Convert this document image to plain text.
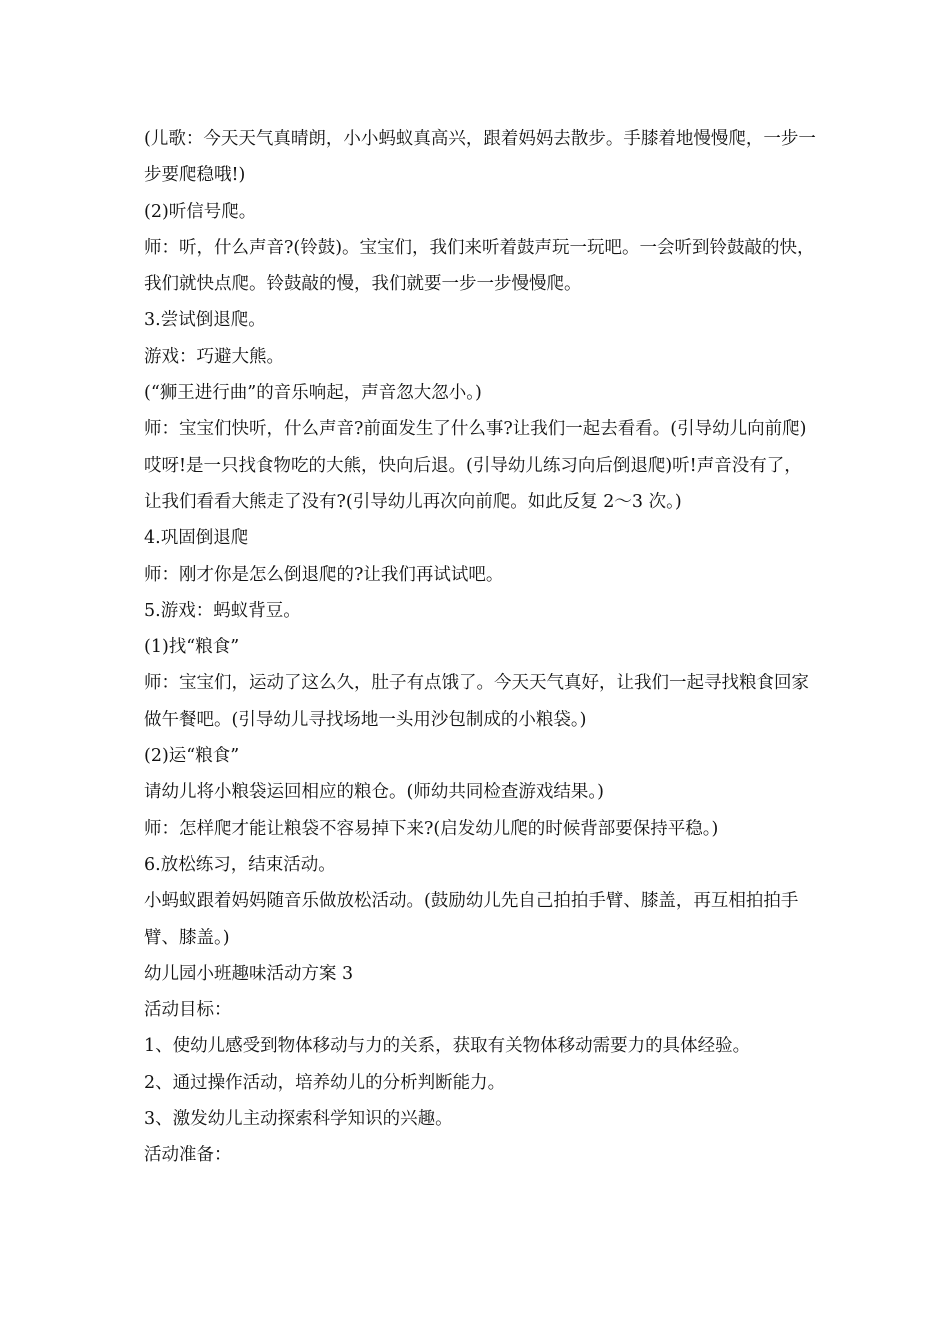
(儿歌：今天天气真晴朗，小小蚂蚁真高兴，跟着妈妈去散步。手膝着地慢慢爬，一步一步要爬稳哦!)

(2)听信号爬。

师：听，什么声音?(铃鼓)。宝宝们，我们来听着鼓声玩一玩吧。一会听到铃鼓敲的快，我们就快点爬。铃鼓敲的慢，我们就要一步一步慢慢爬。

3.尝试倒退爬。

游戏：巧避大熊。

(“狮王进行曲”的音乐响起，声音忽大忽小。)

师：宝宝们快听，什么声音?前面发生了什么事?让我们一起去看看。(引导幼儿向前爬)哎呀!是一只找食物吃的大熊，快向后退。(引导幼儿练习向后倒退爬)听!声音没有了，让我们看看大熊走了没有?(引导幼儿再次向前爬。如此反复 2～3 次。)

4.巩固倒退爬

师：刚才你是怎么倒退爬的?让我们再试试吧。

5.游戏：蚂蚁背豆。

(1)找“粮食”

师：宝宝们，运动了这么久，肚子有点饿了。今天天气真好，让我们一起寻找粮食回家做午餐吧。(引导幼儿寻找场地一头用沙包制成的小粮袋。)

(2)运“粮食”

请幼儿将小粮袋运回相应的粮仓。(师幼共同检查游戏结果。)

师：怎样爬才能让粮袋不容易掉下来?(启发幼儿爬的时候背部要保持平稳。)

6.放松练习，结束活动。

小蚂蚁跟着妈妈随音乐做放松活动。(鼓励幼儿先自己拍拍手臂、膝盖，再互相拍拍手臂、膝盖。)

幼儿园小班趣味活动方案 3

活动目标：

1、使幼儿感受到物体移动与力的关系，获取有关物体移动需要力的具体经验。

2、通过操作活动，培养幼儿的分析判断能力。

3、激发幼儿主动探索科学知识的兴趣。

活动准备：
